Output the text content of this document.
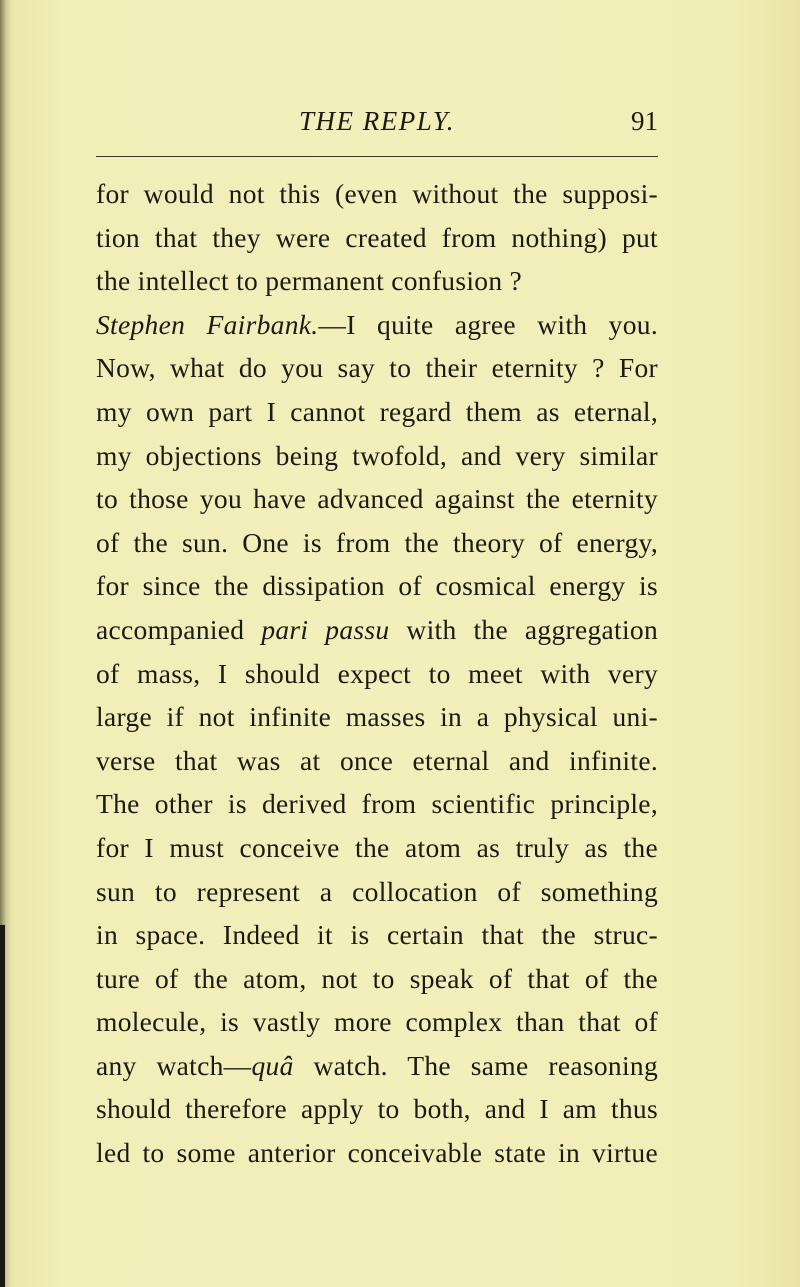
THE REPLY.	91
for would not this (even without the supposi-
tion that they were created from nothing) put
the intellect to permanent confusion ?
Stephen Fairbank.—I quite agree with you.
Now, what do you say to their eternity ? For
my own part I cannot regard them as eternal,
my objections being twofold, and very similar
to those you have advanced against the eternity
of the sun. One is from the theory of energy,
for since the dissipation of cosmical energy is
accompanied pari passu with the aggregation
of mass, I should expect to meet with very
large if not infinite masses in a physical uni-
verse that was at once eternal and infinite.
The other is derived from scientific principle,
for I must conceive the atom as truly as the
sun to represent a collocation of something
in space. Indeed it is certain that the struc-
ture of the atom, not to speak of that of the
molecule, is vastly more complex than that of
any watch—quâ watch. The same reasoning
should therefore apply to both, and I am thus
led to some anterior conceivable state in virtue
